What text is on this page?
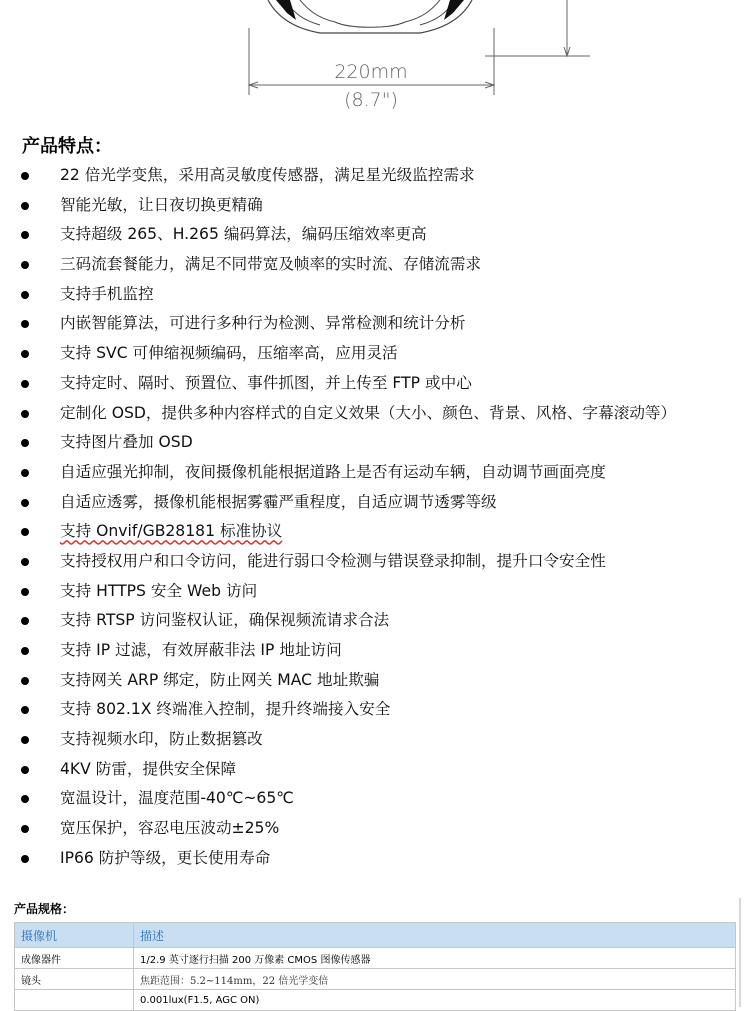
220mm
(8.7")
产品特点：
22 倍光学变焦，采用高灵敏度传感器，满足星光级监控需求
智能光敏，让日夜切换更精确
支持超级 265、H.265 编码算法，编码压缩效率更高
三码流套餐能力，满足不同带宽及帧率的实时流、存储流需求
支持手机监控
内嵌智能算法，可进行多种行为检测、异常检测和统计分析
支持 SVC 可伸缩视频编码，压缩率高，应用灵活
支持定时、隔时、预置位、事件抓图，并上传至 FTP 或中心
定制化 OSD，提供多种内容样式的自定义效果（大小、颜色、背景、风格、字幕滚动等）
支持图片叠加 OSD
自适应强光抑制，夜间摄像机能根据道路上是否有运动车辆，自动调节画面亮度
自适应透雾，摄像机能根据雾霾严重程度，自适应调节透雾等级
支持 Onvif/GB28181 标准协议
支持授权用户和口令访问，能进行弱口令检测与错误登录抑制，提升口令安全性
支持 HTTPS 安全 Web 访问
支持 RTSP 访问鉴权认证，确保视频流请求合法
支持 IP 过滤，有效屏蔽非法 IP 地址访问
支持网关 ARP 绑定，防止网关 MAC 地址欺骗
支持 802.1X 终端准入控制，提升终端接入安全
支持视频水印，防止数据篡改
4KV 防雷，提供安全保障
宽温设计，温度范围-40℃~65℃
宽压保护，容忍电压波动±25%
IP66 防护等级，更长使用寿命
产品规格：
摄像机	描述
成像器件	1/2.9 英寸逐行扫描 200 万像素 CMOS 图像传感器
镜头	焦距范围：5.2~114mm，22 倍光学变倍
	0.001lux(F1.5, AGC ON)
